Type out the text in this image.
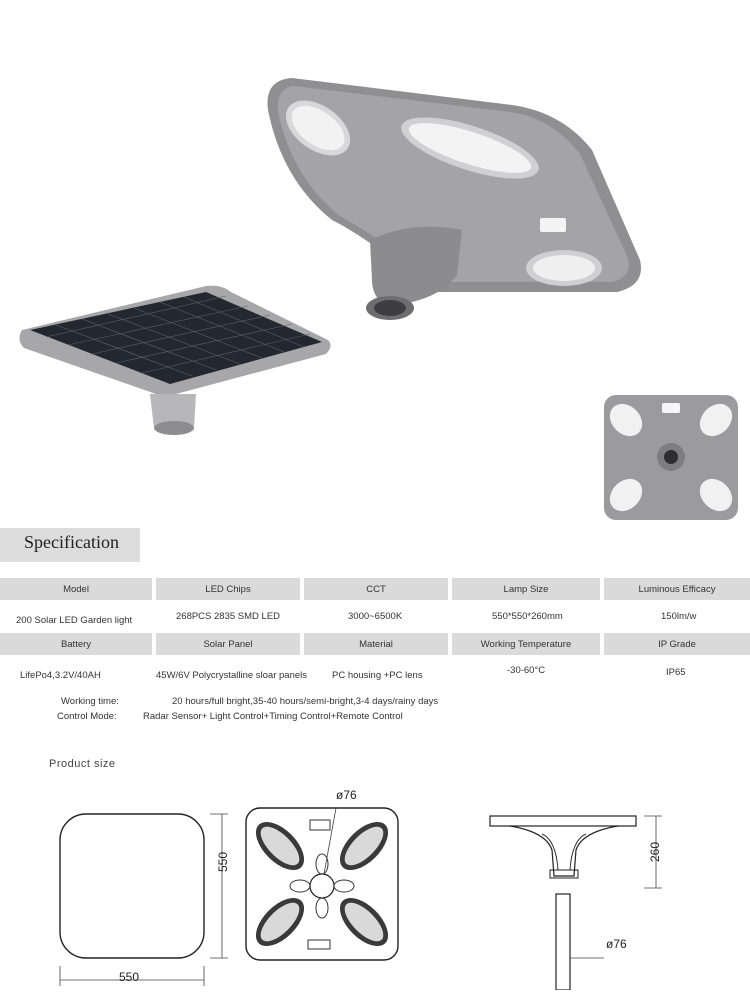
Specification
Model	LED Chips	CCT	Lamp Size	Luminous Efficacy
200 Solar LED Garden light	268PCS 2835 SMD LED	3000~6500K	550*550*260mm	150lm/w
Battery	Solar Panel	Material	Working Temperature	IP Grade
LifePo4,3.2V/40AH	45W/6V Polycrystalline sloar panels	PC housing +PC lens	-30-60°C	IP65
Working time:	20 hours/full bright,35-40 hours/semi-bright,3-4 days/rainy days
Control Mode:	Radar Sensor+ Light Control+Timing Control+Remote Control
Product size
550
550
ø76
260
ø76
